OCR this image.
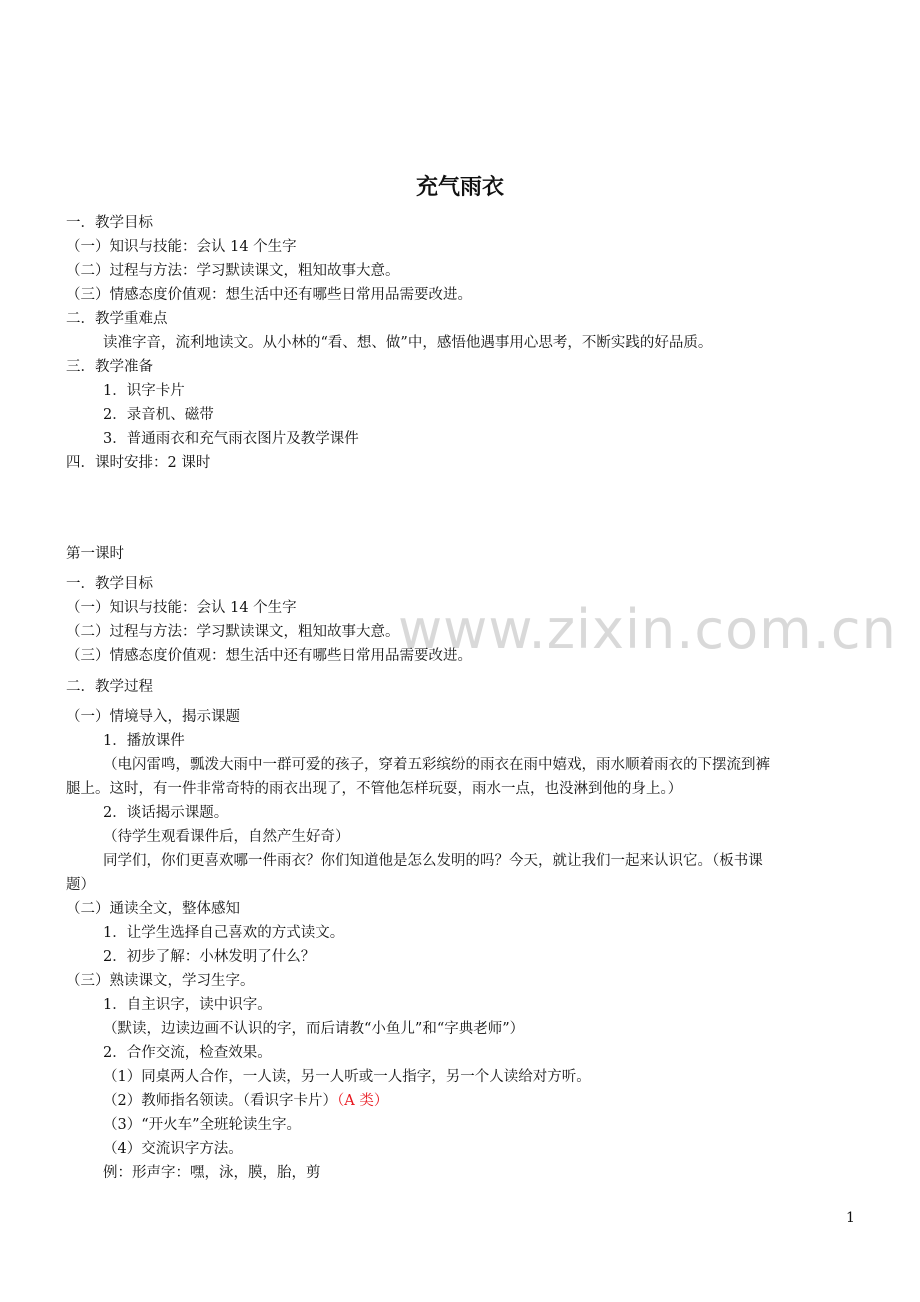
www.zixin.com.cn
充气雨衣
一．教学目标
（一）知识与技能：会认 14 个生字
（二）过程与方法：学习默读课文，粗知故事大意。
（三）情感态度价值观：想生活中还有哪些日常用品需要改进。
二．教学重难点
读准字音，流利地读文。从小林的“看、想、做”中，感悟他遇事用心思考，不断实践的好品质。
三．教学准备
1．识字卡片
2．录音机、磁带
3．普通雨衣和充气雨衣图片及教学课件
四．课时安排：2 课时
第一课时
一．教学目标
（一）知识与技能：会认 14 个生字
（二）过程与方法：学习默读课文，粗知故事大意。
（三）情感态度价值观：想生活中还有哪些日常用品需要改进。
二．教学过程
（一）情境导入，揭示课题
1．播放课件
（电闪雷鸣，瓢泼大雨中一群可爱的孩子，穿着五彩缤纷的雨衣在雨中嬉戏，雨水顺着雨衣的下摆流到裤
腿上。这时，有一件非常奇特的雨衣出现了，不管他怎样玩耍，雨水一点，也没淋到他的身上。）
2．谈话揭示课题。
（待学生观看课件后，自然产生好奇）
同学们，你们更喜欢哪一件雨衣？你们知道他是怎么发明的吗？今天，就让我们一起来认识它。（板书课
题）
（二）通读全文，整体感知
1．让学生选择自己喜欢的方式读文。
2．初步了解：小林发明了什么？
（三）熟读课文，学习生字。
1．自主识字，读中识字。
（默读，边读边画不认识的字，而后请教“小鱼儿”和“字典老师”）
2．合作交流，检查效果。
（1）同桌两人合作，一人读，另一人听或一人指字，另一个人读给对方听。
（2）教师指名领读。（看识字卡片）（A 类）
（3）“开火车”全班轮读生字。
（4）交流识字方法。
例：形声字：嘿，泳，膜，胎，剪
1
